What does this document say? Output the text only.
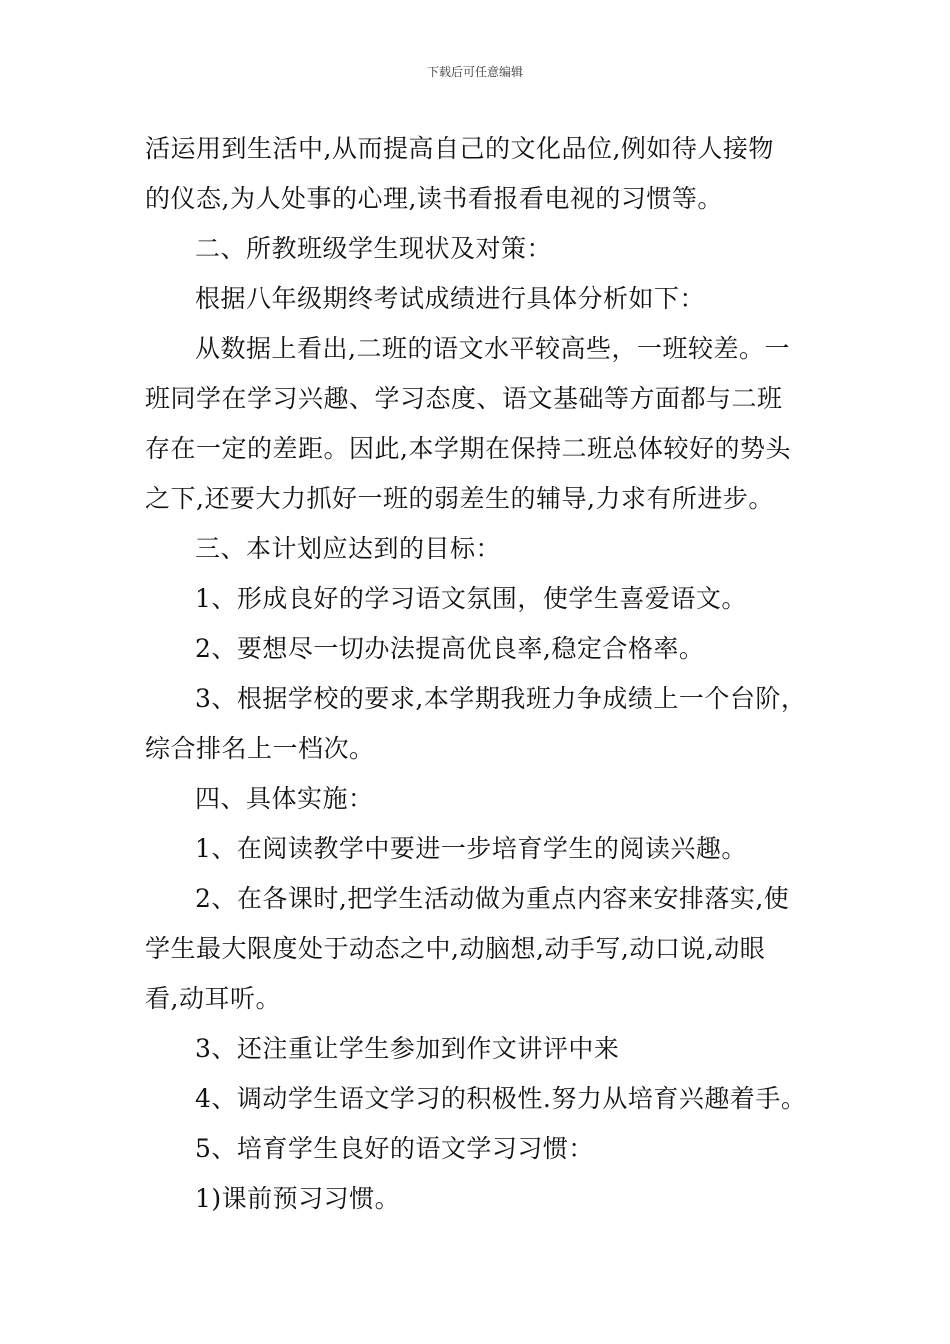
下载后可任意编辑

活运用到生活中,从而提高自己的文化品位,例如待人接物

的仪态,为人处事的心理,读书看报看电视的习惯等。

二、所教班级学生现状及对策：

根据八年级期终考试成绩进行具体分析如下：

从数据上看出,二班的语文水平较高些，一班较差。一

班同学在学习兴趣、学习态度、语文基础等方面都与二班

存在一定的差距。因此,本学期在保持二班总体较好的势头

之下,还要大力抓好一班的弱差生的辅导,力求有所进步。

三、本计划应达到的目标：

1、形成良好的学习语文氛围，使学生喜爱语文。

2、要想尽一切办法提高优良率,稳定合格率。

3、根据学校的要求,本学期我班力争成绩上一个台阶，

综合排名上一档次。

四、具体实施：

1、在阅读教学中要进一步培育学生的阅读兴趣。

2、在各课时,把学生活动做为重点内容来安排落实,使

学生最大限度处于动态之中,动脑想,动手写,动口说,动眼

看,动耳听。

3、还注重让学生参加到作文讲评中来

4、调动学生语文学习的积极性.努力从培育兴趣着手。

5、培育学生良好的语文学习习惯：

1)课前预习习惯。
